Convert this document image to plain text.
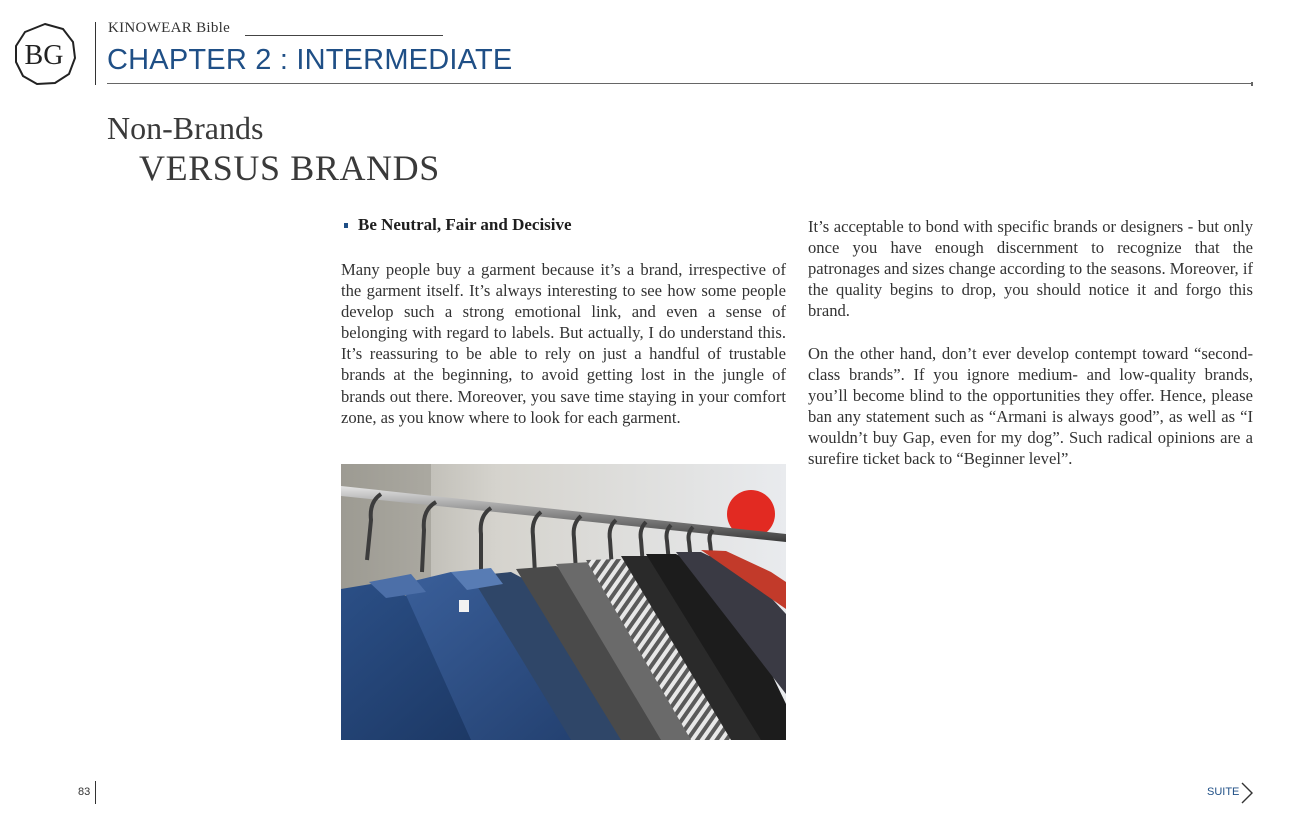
BG
KINOWEAR Bible
CHAPTER 2 : INTERMEDIATE
Non-Brands
VERSUS BRANDS
Be Neutral, Fair and Decisive
Many people buy a garment because it’s a brand, irrespective of the garment itself. It’s always interesting to see how some people develop such a strong emotional link, and even a sense of belonging with regard to labels. But actually, I do understand this. It’s reassuring to be able to rely on just a handful of trustable brands at the beginning, to avoid getting lost in the jungle of brands out there. Moreover, you save time staying in your comfort zone, as you know where to look for each garment.
It’s acceptable to bond with specific brands or designers - but only once you have enough discernment to recognize that the patronages and sizes change according to the seasons. Moreover, if the quality begins to drop, you should notice it and forgo this brand.
On the other hand, don’t ever develop contempt toward “second-class brands”. If you ignore medium- and low-quality brands, you’ll become blind to the opportunities they offer. Hence, please ban any statement such as “Armani is always good”, as well as “I wouldn’t buy Gap, even for my dog”. Such radical opinions are a surefire ticket back to “Beginner level”.
83	SUITE
